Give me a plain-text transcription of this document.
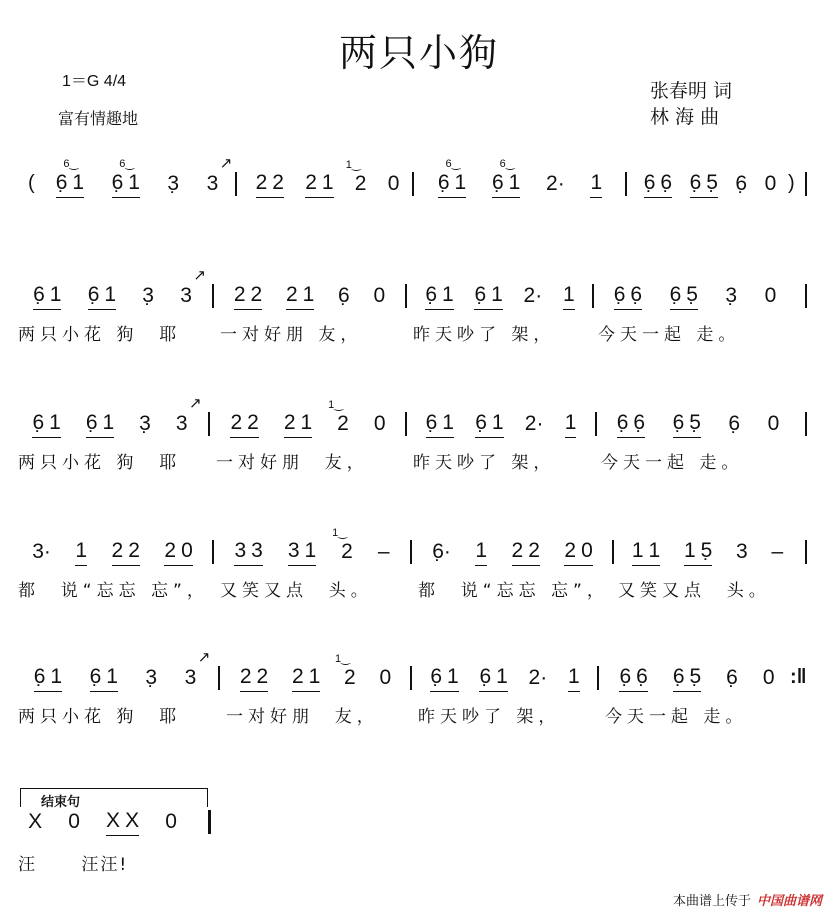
两只小狗
1＝G 4/4
富有情趣地
张春明 词
林 海 曲
结束句
本曲谱上传于 中国曲谱网
6̣ 1
6‿
6̣ 1
6‿
3̣ 3
↗
2 2 2 1 2
1‿
0 6̣ 1
6‿
6̣ 1
6‿
2· 1 6̣ 6̣ 6̣ 5̣ 6̣ 0
(	)
6̣ 1 6̣ 1 3̣ 3
↗
2 2 2 1 6̣ 0 6̣ 1 6̣ 1 2· 1 6̣ 6̣ 6̣ 5̣ 3̣ 0
两只小花 狗  耶 一对好朋 友，	昨天吵了 架，	今天一起 走。
6̣ 1 6̣ 1 3̣ 3
↗
2 2 2 1 2
1‿
0 6̣ 1 6̣ 1 2· 1 6̣ 6̣ 6̣ 5̣ 6̣ 0
两只小花 狗  耶 一对好朋  友，	昨天吵了 架，	今天一起 走。
3· 1 2 2 2 0 3 3 3 1 2
1‿
– 6̣· 1 2 2 2 0 1 1 1 5̣ 3 –
都  说“忘忘 忘”， 又笑又点  头。	都  说“忘忘 忘”， 又笑又点  头。
6̣ 1 6̣ 1 3̣ 3
↗
2 2 2 1 2
1‿
0 6̣ 1 6̣ 1 2· 1 6̣ 6̣ 6̣ 5̣ 6̣ 0 :‖
两只小花 狗  耶	一对好朋  友， 昨天吵了 架，	今天一起 走。
X 0 X X 0
汪      汪汪!
